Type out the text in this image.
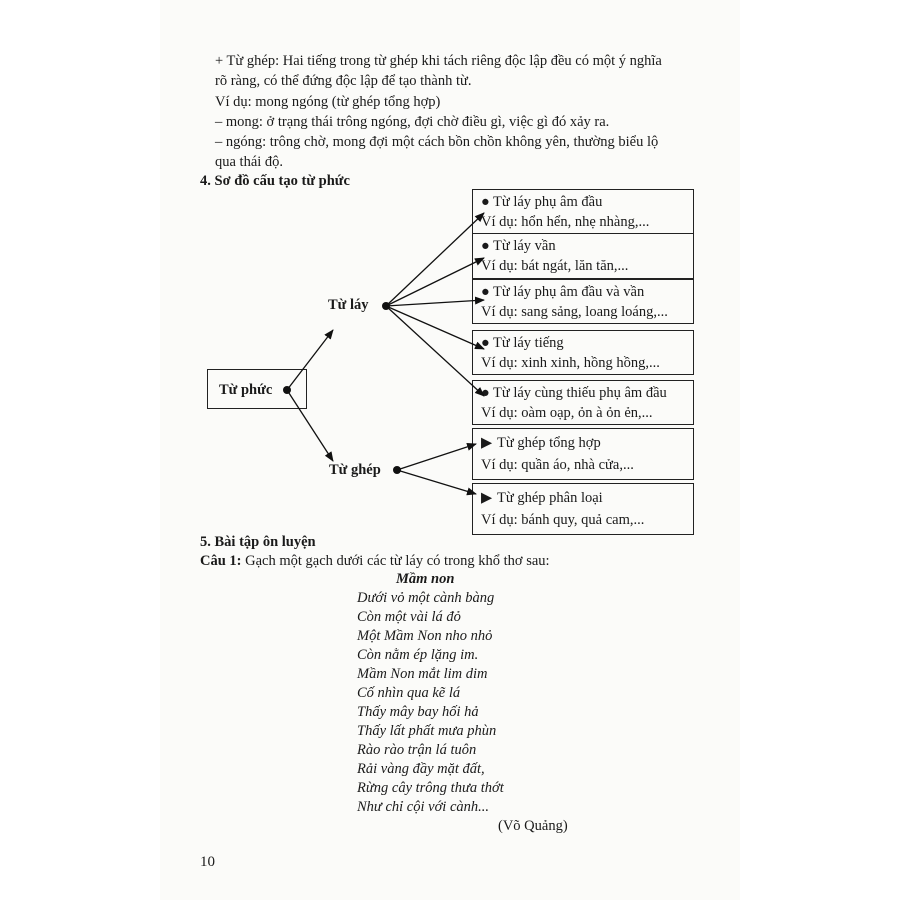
+ Từ ghép: Hai tiếng trong từ ghép khi tách riêng độc lập đều có một ý nghĩa
rõ ràng, có thể đứng độc lập để tạo thành từ.
Ví dụ: mong ngóng (từ ghép tổng hợp)
– mong: ở trạng thái trông ngóng, đợi chờ điều gì, việc gì đó xảy ra.
– ngóng: trông chờ, mong đợi một cách bồn chồn không yên, thường biểu lộ
qua thái độ.
4. Sơ đồ cấu tạo từ phức
Từ phức
Từ láy
Từ ghép
● Từ láy phụ âm đầu
Ví dụ: hổn hển, nhẹ nhàng,...
● Từ láy vần
Ví dụ: bát ngát, lăn tăn,...
● Từ láy phụ âm đầu và vần
Ví dụ: sang sảng, loang loáng,...
● Từ láy tiếng
Ví dụ: xinh xinh, hồng hồng,...
● Từ láy cùng thiếu phụ âm đầu
Ví dụ: oàm oạp, ỏn à ỏn ẻn,...
▶ Từ ghép tổng hợp
Ví dụ: quần áo, nhà cửa,...
▶ Từ ghép phân loại
Ví dụ: bánh quy, quả cam,...
5. Bài tập ôn luyện
Câu 1: Gạch một gạch dưới các từ láy có trong khổ thơ sau:
Mầm non
Dưới vỏ một cành bàng
Còn một vài lá đỏ
Một Mầm Non nho nhỏ
Còn nằm ép lặng im.
Mầm Non mắt lim dim
Cố nhìn qua kẽ lá
Thấy mây bay hối hả
Thấy lất phất mưa phùn
Rào rào trận lá tuôn
Rải vàng đầy mặt đất,
Rừng cây trông thưa thớt
Như chỉ cội với cành...
(Võ Quảng)
10
